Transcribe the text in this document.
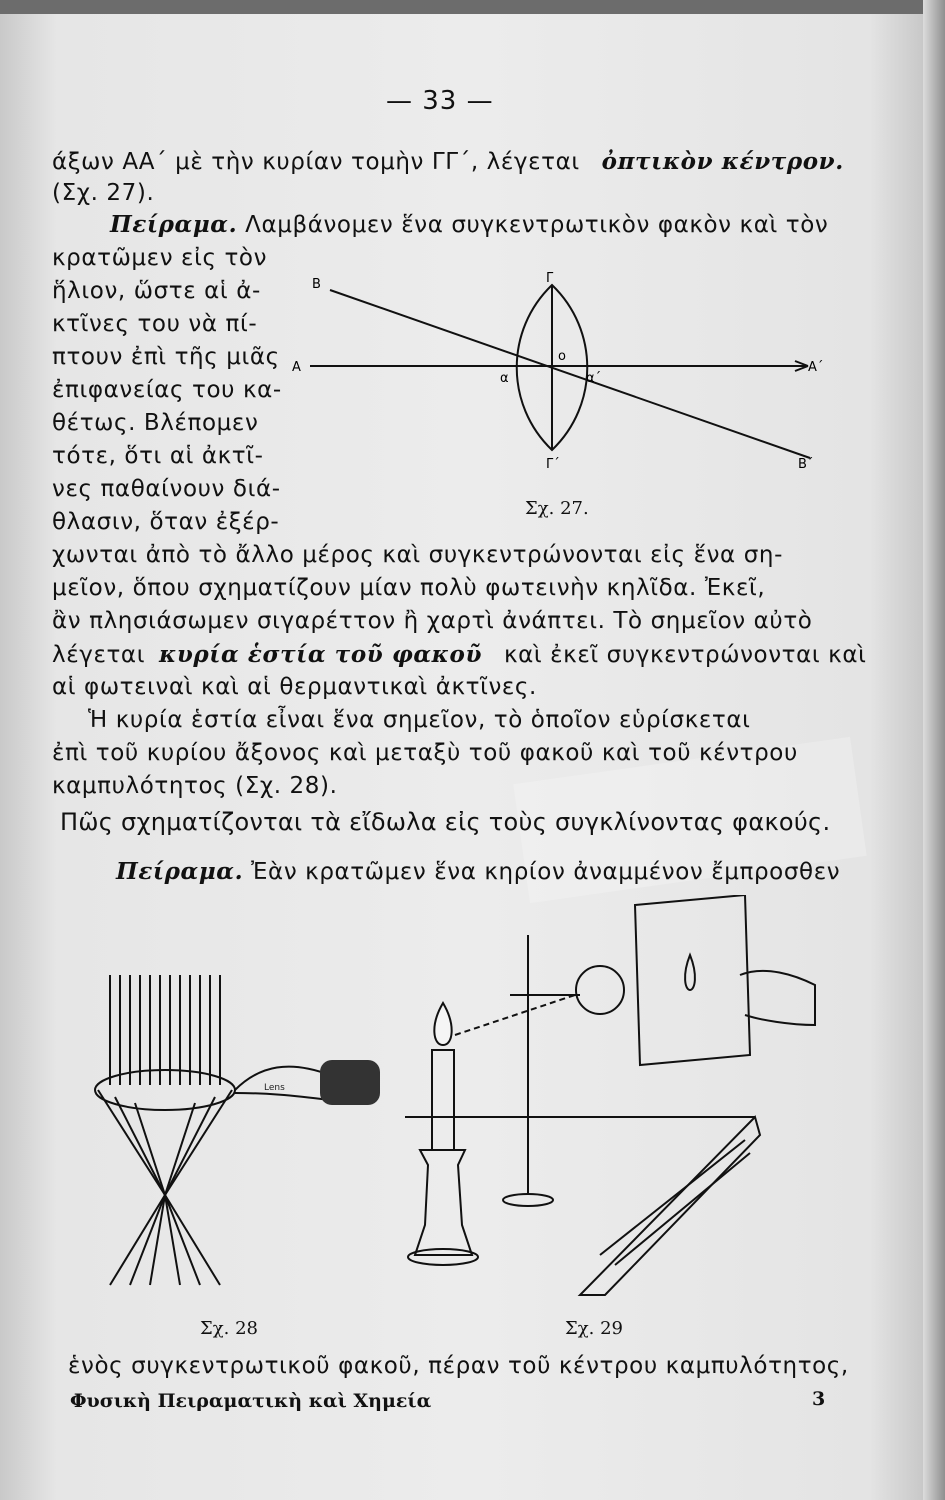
— 33 —
άξων ΑΑ΄ μὲ τὴν κυρίαν τομὴν ΓΓ΄, λέγεται ὀπτικὸν κέντρον.
(Σχ. 27).
Πείραμα. Λαμβάνομεν ἕνα συγκεντρωτικὸν φακὸν καὶ τὸν
κρατῶμεν εἰς τὸν
ἥλιον, ὥστε αἱ ἀ-
κτῖνες του νὰ πί-
πτουν ἐπὶ τῆς μιᾶς
ἐπιφανείας του κα-
θέτως. Βλέπομεν
τότε, ὅτι αἱ ἀκτῖ-
νες παθαίνουν διά-
θλασιν, ὅταν ἐξέρ-
Β	Γ
Α	Α΄
ο
α	α΄
Γ΄	Β΄
Σχ. 27.
χωνται ἀπὸ τὸ ἄλλο μέρος καὶ συγκεντρώνονται εἰς ἕνα ση-
μεῖον, ὅπου σχηματίζουν μίαν πολὺ φωτεινὴν κηλῖδα. Ἐκεῖ,
ἂν πλησιάσωμεν σιγαρέττον ἢ χαρτὶ ἀνάπτει. Τὸ σημεῖον αὐτὸ
λέγεται κυρία ἑστία τοῦ φακοῦ καὶ ἐκεῖ συγκεντρώνονται καὶ
αἱ φωτειναὶ καὶ αἱ θερμαντικαὶ ἀκτῖνες.
Ἡ κυρία ἑστία εἶναι ἕνα σημεῖον, τὸ ὁποῖον εὑρίσκεται
ἐπὶ τοῦ κυρίου ἄξονος καὶ μεταξὺ τοῦ φακοῦ καὶ τοῦ κέντρου
καμπυλότητος (Σχ. 28).
Πῶς σχηματίζονται τὰ εἴδωλα εἰς τοὺς συγκλίνοντας φακούς.
Πείραμα. Ἐὰν κρατῶμεν ἕνα κηρίον ἀναμμένον ἔμπροσθεν
Lens
Σχ. 28	Σχ. 29
ἑνὸς συγκεντρωτικοῦ φακοῦ, πέραν τοῦ κέντρου καμπυλότητος,
Φυσικὴ Πειραματικὴ καὶ Χημεία	3
